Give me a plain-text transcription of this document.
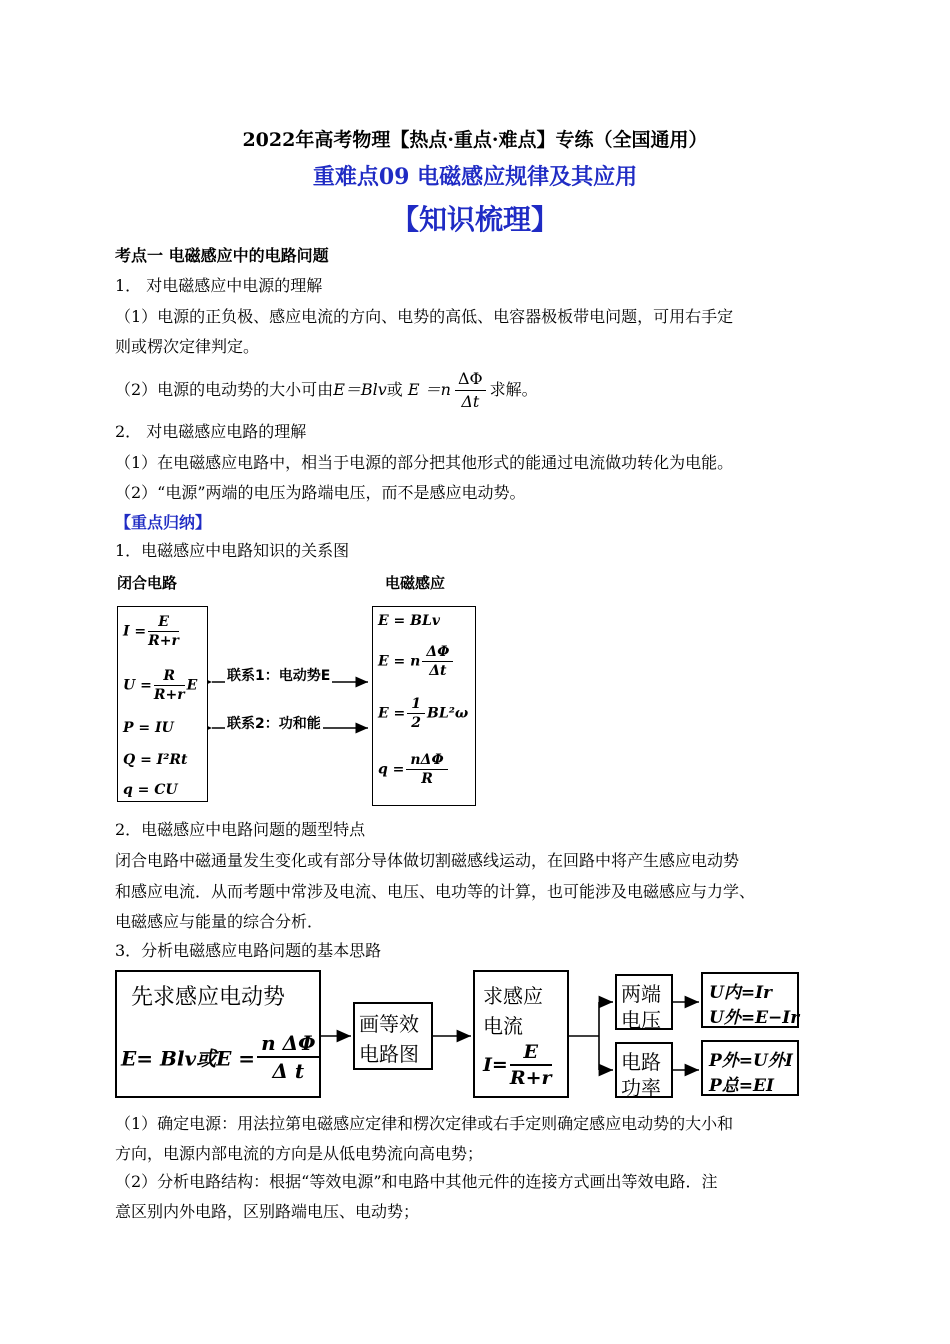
2022年高考物理【热点·重点·难点】专练（全国通用）
重难点09 电磁感应规律及其应用
【知识梳理】
考点一 电磁感应中的电路问题
1． 对电磁感应中电源的理解
（1）电源的正负极、感应电流的方向、电势的高低、电容器极板带电问题，可用右手定
则或楞次定律判定。
（2）电源的电动势的大小可由E＝Blv或 $E =n \frac{\Delta\Phi}{\Delta t}$ 求解。
2． 对电磁感应电路的理解
（1）在电磁感应电路中，相当于电源的部分把其他形式的能通过电流做功转化为电能。
（2）“电源”两端的电压为路端电压，而不是感应电动势。
【重点归纳】
1．电磁感应中电路知识的关系图
闭合电路	电磁感应
$I = \frac{E}{R+r}$
$U = \frac{R}{R+r}$ E
P = IU
Q = I²Rt
q = CU
联系1：电动势E
联系2：功和能
E = BLv
E = n $\frac{\Delta\Phi}{\Delta t}$
$E = \frac{1}{2} BL^2\omega$
q =
nΔΦ
R
2．电磁感应中电路问题的题型特点
闭合电路中磁通量发生变化或有部分导体做切割磁感线运动，在回路中将产生感应电动势
和感应电流．从而考题中常涉及电流、电压、电功等的计算，也可能涉及电磁感应与力学、
电磁感应与能量的综合分析．
3．分析电磁感应电路问题的基本思路
先求感应电动势
E= Blv或$E = \frac{\text{n ΔΦ}}{\text{Δ t}}$
画等效
电路图
求感应
电流
$I= \frac{E}{R+r}$
两端
电压
电路
功率
U内=Ir
U外=E−Ir
P外=U外I
P总=EI
（1）确定电源：用法拉第电磁感应定律和楞次定律或右手定则确定感应电动势的大小和
方向，电源内部电流的方向是从低电势流向高电势；
（2）分析电路结构：根据“等效电源”和电路中其他元件的连接方式画出等效电路．注
意区别内外电路，区别路端电压、电动势；
